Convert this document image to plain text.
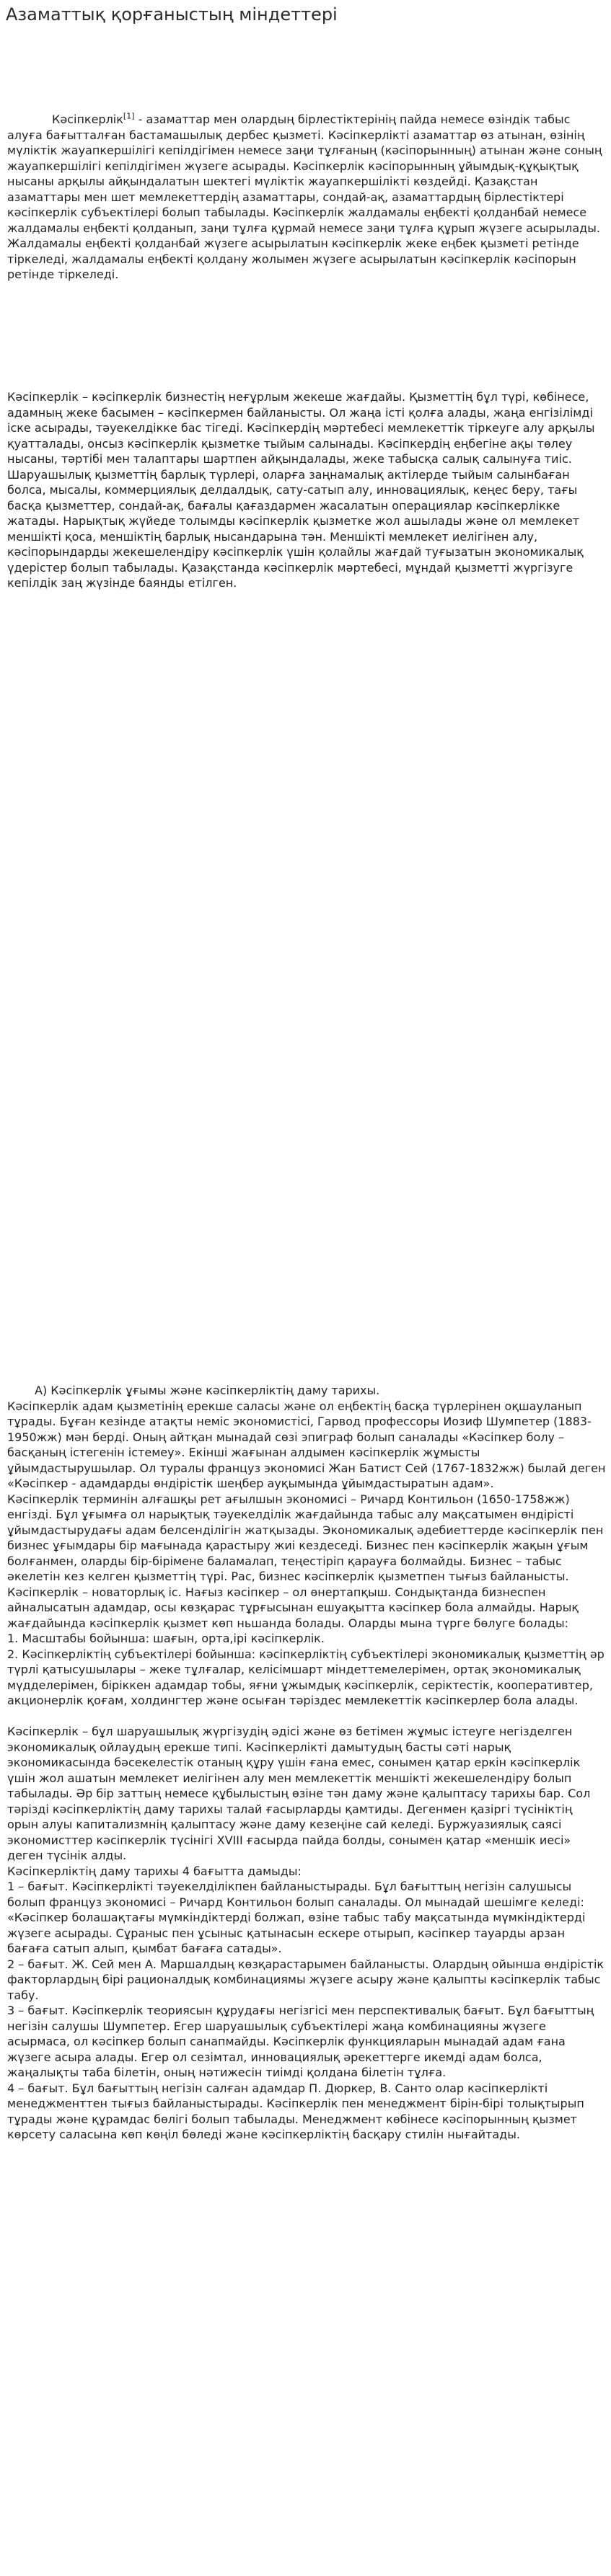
Азаматтық қорғаныстың міндеттері

Кәсіпкерлік[1] - азаматтар мен олардың бірлестіктерінің пайда немесе өзіндік табыс алуға бағытталған бастамашылық дербес қызметі. Кәсіпкерлікті азаматтар өз атынан, өзінің мүліктік жауапкершілігі кепілдігімен немесе заңи тұлғаның (кәсіпорынның) атынан және соның жауапкершілігі кепілдігімен жүзеге асырады. Кәсіпкерлік кәсіпорынның ұйымдық-құқықтық нысаны арқылы айқындалатын шектегі мүліктік жауапкершілікті көздейді. Қазақстан азаматтары мен шет мемлекеттердің азаматтары, сондай-ақ, азаматтардың бірлестіктері кәсіпкерлік субъектілері болып табылады. Кәсіпкерлік жалдамалы еңбекті қолданбай немесе жалдамалы еңбекті қолданып, заңи тұлға құрмай немесе заңи тұлға құрып жүзеге асырылады. Жалдамалы еңбекті қолданбай жүзеге асырылатын кәсіпкерлік жеке еңбек қызметі ретінде тіркеледі, жалдамалы еңбекті қолдану жолымен жүзеге асырылатын кәсіпкерлік кәсіпорын ретінде тіркеледі.

Кәсіпкерлік – кәсіпкерлік бизнестің неғұрлым жекеше жағдайы. Қызметтің бұл түрі, көбінесе, адамның жеке басымен – кәсіпкермен байланысты. Ол жаңа істі қолға алады, жаңа енгізілімді іске асырады, тәуекелдікке бас тігеді. Кәсіпкердің мәртебесі мемлекеттік тіркеуге алу арқылы қуатталады, онсыз кәсіпкерлік қызметке тыйым салынады. Кәсіпкердің еңбегіне ақы төлеу нысаны, тәртібі мен талаптары шартпен айқындалады, жеке табысқа салық салынуға тиіс. Шаруашылық қызметтің барлық түрлері, оларға заңнамалық актілерде тыйым салынбаған болса, мысалы, коммерциялық делдалдық, сату-сатып алу, инновациялық, кеңес беру, тағы басқа қызметтер, сондай-ақ, бағалы қағаздармен жасалатын операциялар кәсіпкерлікке жатады. Нарықтық жүйеде толымды кәсіпкерлік қызметке жол ашылады және ол мемлекет меншікті қоса, меншіктің барлық нысандарына тән. Меншікті мемлекет иелігінен алу, кәсіпорындарды жекешелендіру кәсіпкерлік үшін қолайлы жағдай туғызатын экономикалық үдерістер болып табылады. Қазақстанда кәсіпкерлік мәртебесі, мұндай қызметті жүргізуге кепілдік заң жүзінде баянды етілген.

А) Кәсіпкерлік ұғымы және кәсіпкерліктің даму тарихы.

Кәсіпкерлік адам қызметінің ерекше саласы және ол еңбектің басқа түрлерінен оқшауланып тұрады. Бұған кезінде атақты неміс экономистісі, Гарвод профессоры Иозиф Шумпетер (1883-1950жж) мән берді. Оның айтқан мынадай сөзі эпиграф болып саналады «Кәсіпкер болу – басқаның істегенін істемеу». Екінші жағынан алдымен кәсіпкерлік жұмысты ұйымдастырушылар. Ол туралы француз экономисі Жан Батист Сей (1767-1832жж) былай деген «Кәсіпкер - адамдарды өндірістік шеңбер ауқымында ұйымдастыратын адам».

Кәсіпкерлік терминін алғашқы рет ағылшын экономисі – Ричард Контильон (1650-1758жж) енгізді. Бұл ұғымға ол нарықтық тәуекелділік жағдайында табыс алу мақсатымен өндірісті ұйымдастырудағы адам белсенділігін жатқызады. Экономикалық әдебиеттерде кәсіпкерлік пен бизнес ұғымдары бір мағынада қарастыру жиі кездеседі. Бизнес пен кәсіпкерлік жақын ұғым болғанмен, оларды бір-біріменe баламалап, теңестіріп қарауға болмайды. Бизнес – табыс әкелетін кез келген қызметтің түрі. Рас, бизнес кәсіпкерлік қызметпен тығыз байланысты. Кәсіпкерлік – новаторлық іс. Нағыз кәсіпкер – ол өнертапқыш. Сондықтанда бизнеспен айналысатын адамдар, осы көзқарас тұрғысынан ешуақытта кәсіпкер бола алмайды. Нарық жағдайында кәсіпкерлік қызмет көп ньшанда болады. Оларды мына түрге бөлуге болады:

1. Масштабы бойынша: шағын, орта,ірі кәсіпкерлік.

2. Кәсіпкерліктің субъектілері бойынша: кәсіпкерліктің субъектілері экономикалық қызметтің әр түрлі қатысушылары – жеке тұлғалар, келісімшарт міндеттемелерімен, ортақ экономикалық мүдделерімен, біріккен адамдар тобы, яғни ұжымдық кәсіпкерлік, серіктестік, кооперативтер, акционерлік қоғам, холдингтер және осыған тәріздес мемлекеттік кәсіпкерлер бола алады.

Кәсіпкерлік – бұл шаруашылық жүргізудің әдісі және өз бетімен жұмыс істеуге негізделген экономикалық ойлаудың ерекше типі. Кәсіпкерлікті дамытудың басты сәті нарық экономикасында бәсекелестік отаның құру үшін ғана емес, сонымен қатар еркін кәсіпкерлік үшін жол ашатын мемлекет иелігінен алу мен мемлекеттік меншікті жекешелендіру болып табылады. Әр бір заттың немесе құбылыстың өзіне тән даму және қалыптасу тарихы бар. Сол тәрізді кәсіпкерліктің даму тарихы талай ғасырларды қамтиды. Дегенмен қазіргі түсініктің орын алуы капитализмнің қалыптасу және даму кезеңіне сай келеді. Буржуазиялық саясі экономисттер кәсіпкерлік түсінігі XVIII ғасырда пайда болды, сонымен қатар «меншік иесі» деген түсінік алды.

Кәсіпкерліктің даму тарихы 4 бағытта дамыды:

1 – бағыт. Кәсіпкерлікті тәуекелділікпен байланыстырады. Бұл бағыттың негізін салушысы болып француз экономисі – Ричард Контильон болып саналады. Ол мынадай шешімге келеді: «Кәсіпкер болашақтағы мүмкіндіктерді болжап, өзіне табыс табу мақсатында мүмкіндіктерді жүзеге асырады. Сұраныс пен ұсыныс қатынасын ескере отырып, кәсіпкер тауарды арзан бағаға сатып алып, қымбат бағаға сатады».

2 – бағыт. Ж. Сей мен А. Маршалдың көзқарастарымен байланысты. Олардың ойынша өндірістік факторлардың бірі рационалдық комбинациямы жүзеге асыру және қалыпты кәсіпкерлік табыс табу.

3 – бағыт. Кәсіпкерлік теориясын құрудағы негізгісі мен перспективалық бағыт. Бұл бағыттың негізін салушы Шумпетер. Егер шаруашылық субъектілері жаңа комбинацияны жүзеге асырмаса, ол кәсіпкер болып санапмайды. Кәсіпкерлік функцияларын мынадай адам ғана жүзеге асыра алады. Егер ол сезімтал, инновациялық әрекеттерге икемді адам болса, жаңалықты таба білетін, оның нәтижесін тиімді қолдана білетін тұлға.

4 – бағыт. Бұл бағыттың негізін салған адамдар П. Дюркер, В. Санто олар кәсіпкерлікті менеджменттен тығыз байланыстырады. Кәсіпкерлік пен менеджмент бірін-бірі толықтырып тұрады және құрамдас бөлігі болып табылады. Менеджмент көбінесе кәсіпорынның қызмет көрсету саласына көп көңіл бөледі және кәсіпкерліктің басқару стилін нығайтады.
